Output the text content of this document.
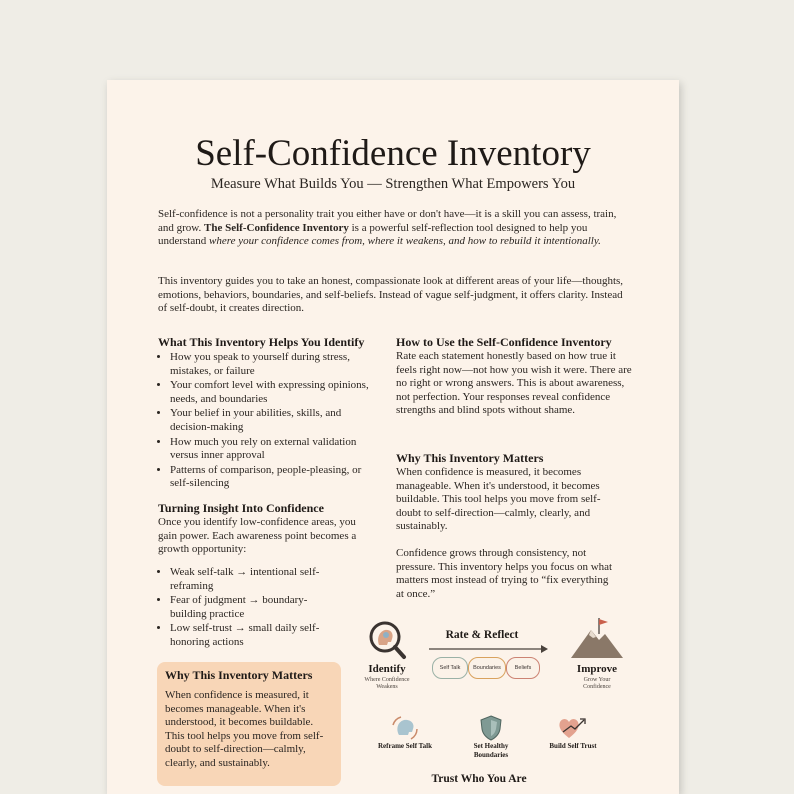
Self-Confidence Inventory
Measure What Builds You — Strengthen What Empowers You
Self-confidence is not a personality trait you either have or don't have—it is a skill you can assess, train, and grow. The Self-Confidence Inventory is a powerful self-reflection tool designed to help you understand where your confidence comes from, where it weakens, and how to rebuild it intentionally.
This inventory guides you to take an honest, compassionate look at different areas of your life—thoughts, emotions, behaviors, boundaries, and self-beliefs. Instead of vague self-judgment, it offers clarity. Instead of self-doubt, it creates direction.
What This Inventory Helps You Identify
• How you speak to yourself during stress, mistakes, or failure
• Your comfort level with expressing opinions, needs, and boundaries
• Your belief in your abilities, skills, and decision-making
• How much you rely on external validation versus inner approval
• Patterns of comparison, people-pleasing, or self-silencing
Turning Insight Into Confidence
Once you identify low-confidence areas, you gain power. Each awareness point becomes a growth opportunity:
• Weak self-talk → intentional self-reframing
• Fear of judgment → boundary-building practice
• Low self-trust → small daily self-honoring actions
Why This Inventory Matters
When confidence is measured, it becomes manageable. When it's understood, it becomes buildable. This tool helps you move from self-doubt to self-direction—calmly, clearly, and sustainably.
How to Use the Self-Confidence Inventory
Rate each statement honestly based on how true it feels right now—not how you wish it were. There are no right or wrong answers. This is about awareness, not perfection. Your responses reveal confidence strengths and blind spots without shame.
Why This Inventory Matters
When confidence is measured, it becomes manageable. When it's understood, it becomes buildable. This tool helps you move from self-doubt to self-direction—calmly, clearly, and sustainably.
Confidence grows through consistency, not pressure. This inventory helps you focus on what matters most instead of trying to “fix everything at once.”
Identify
Where Confidence Weakens
Rate & Reflect
Self Talk	Boundaries	Beliefs	Improve
Grow Your Confidence
Reframe Self Talk	Set Healthy Boundaries
Build Self Trust
Trust Who You Are
